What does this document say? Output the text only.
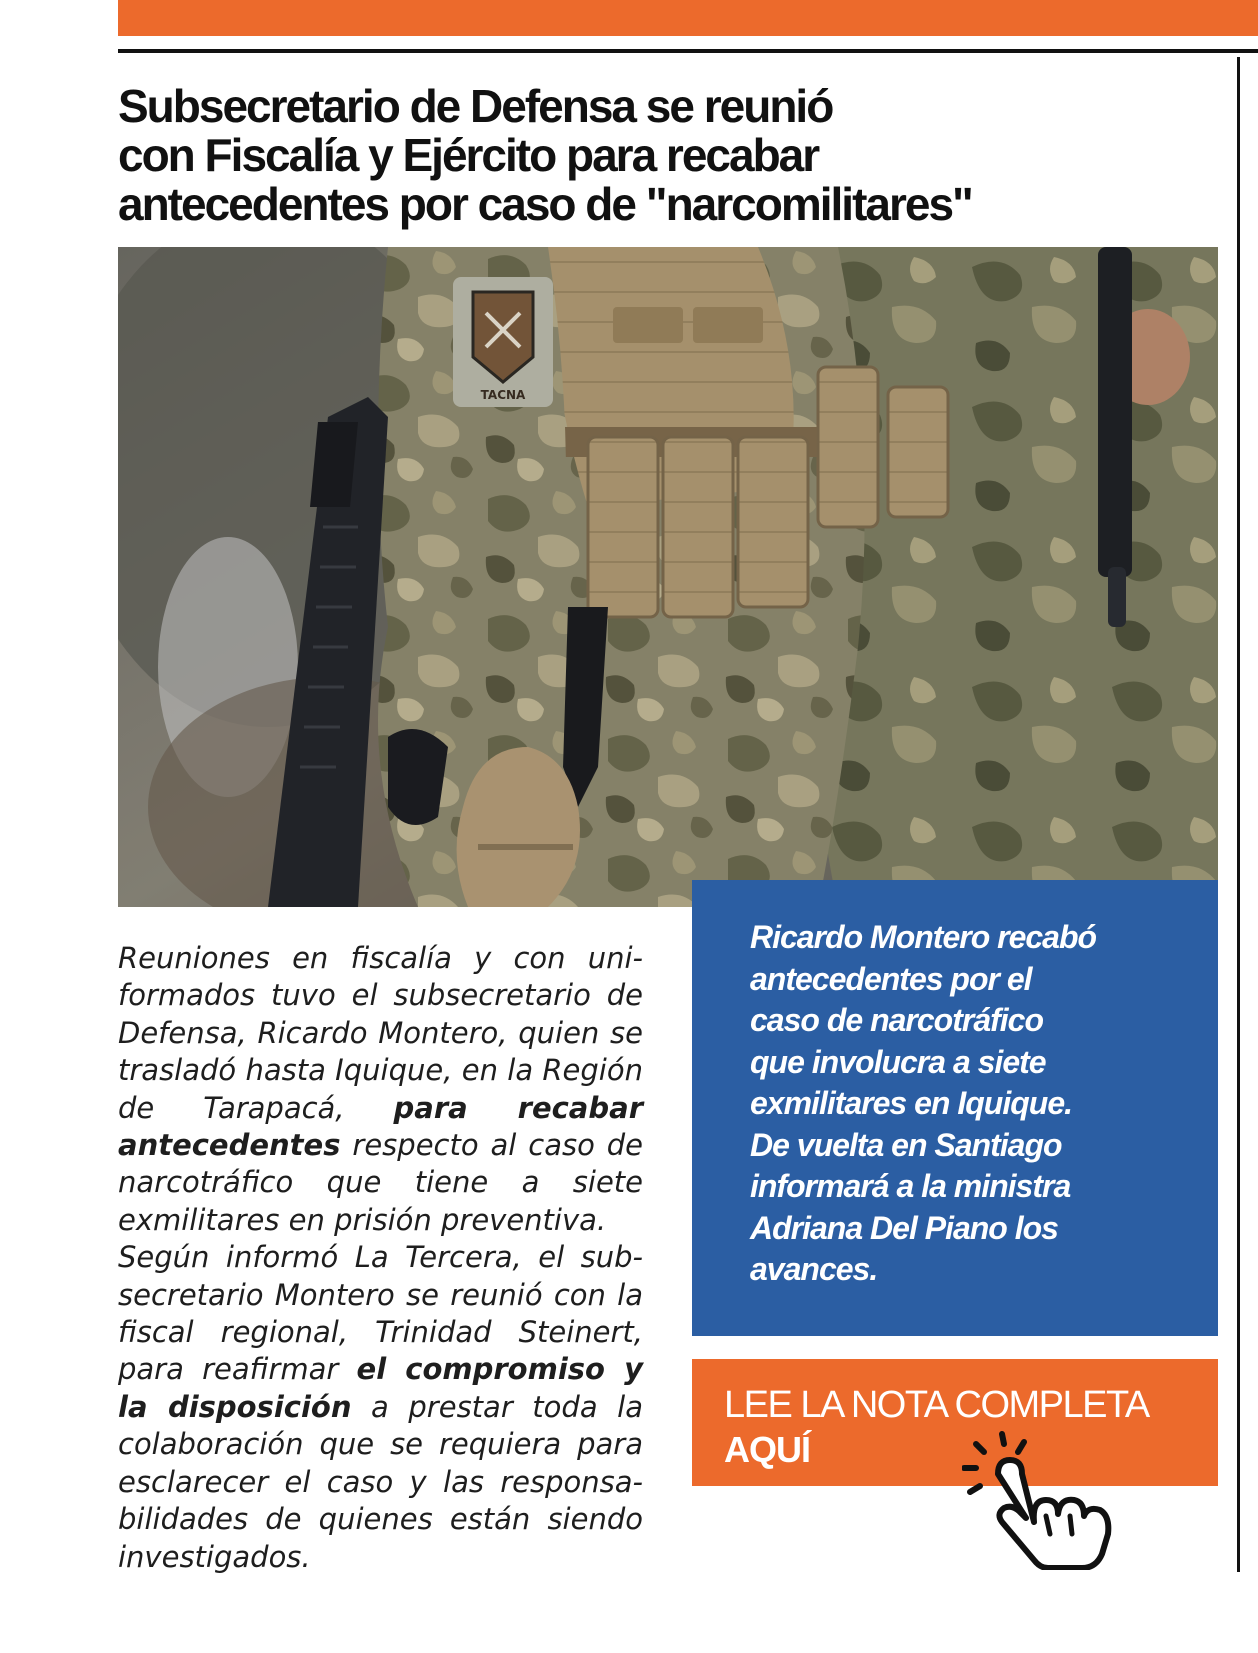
Subsecretario de Defensa se reunió
con Fiscalía y Ejército para recabar
antecedentes por caso de "narcomilitares"
TACNA

Reuniones en fiscalía y con uniformados tuvo el subsecretario de Defensa, Ricardo Montero, quien se trasladó hasta Iquique, en la Región de Tarapacá, para recabar antecedentes respecto al caso de narcotráfico que tiene a siete exmilitares en prisión preventiva.

Según informó La Tercera, el subsecretario Montero se reunió con la fiscal regional, Trinidad Steinert, para reafirmar el compromiso y la disposición a prestar toda la colaboración que se requiera para esclarecer el caso y las responsabilidades de quienes están siendo investigados.

Ricardo Montero recabó
antecedentes por el
caso de narcotráfico
que involucra a siete
exmilitares en Iquique.
De vuelta en Santiago
informará a la ministra
Adriana Del Piano los
avances.
LEE LA NOTA COMPLETA
AQUÍ
